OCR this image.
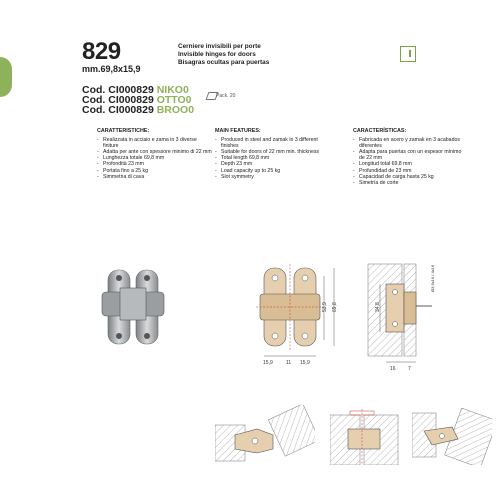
829
mm.69,8x15,9
Cerniere invisibili per porte
Invisible hinges for doors
Bisagras ocultas para puertas
Cod. CI000829 NIKO0
Cod. CI000829 OTTO0
Cod. CI000829 BROO0
Pack. 20
CARATTERISTICHE:
- Realizzata in acciaio e zama in 3 diverse finiture
- Adatta per ante con spessore minimo di 22 mm
- Lunghezza totale 69,8 mm
- Profondità 23 mm
- Portata fino a 25 kg
- Simmetria di cava
MAIN FEATURES:
- Produced in steel and zamak in 3 different finishes
- Suitable for doors of 22 mm min. thickness
- Total length 69,8 mm
- Depth 23 mm
- Load capacity up to 25 kg
- Slot symmetry
CARACTERÍSTICAS:
- Fabricada en acero y zamak en 3 acabados diferentes
- Adapta para puertas con un espesor mínimo de 22 mm
- Longitud total 69,8 mm
- Profundidad de 23 mm
- Capacidad de carga hasta 25 kg
- Simetría de corte
53,9 69,8
15,9	11 15,9
34,8
Ø3,5x16 / 4x16
16 7
